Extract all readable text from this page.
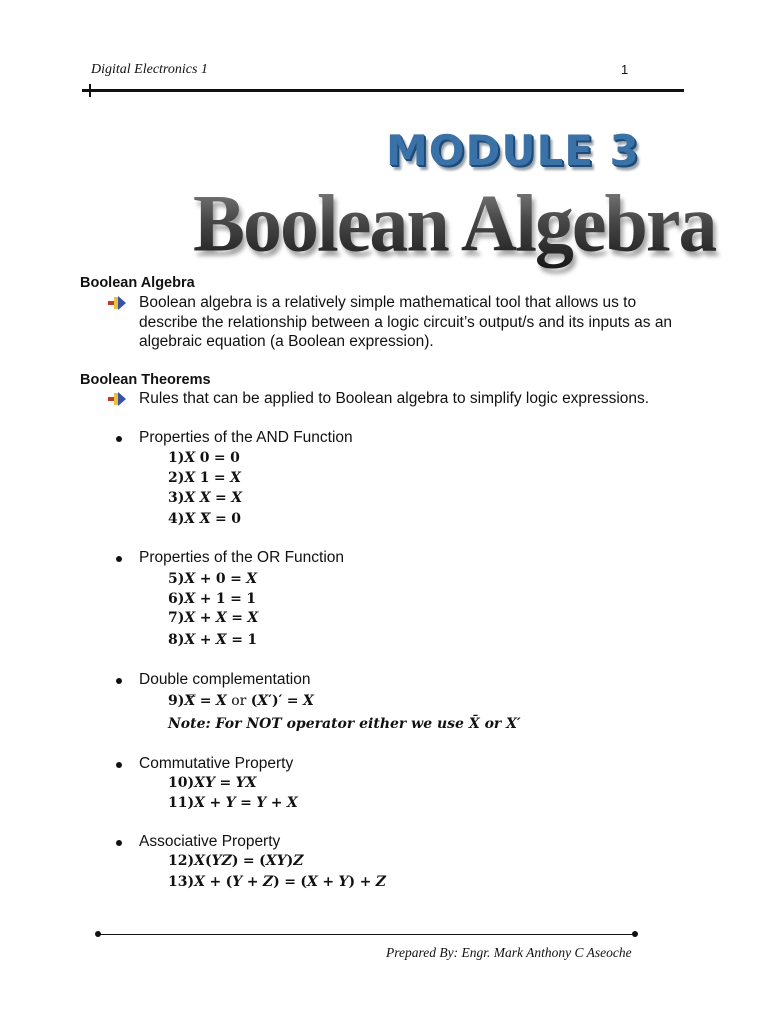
Digital Electronics 1	1
MODULE 3
Boolean Algebra
Boolean Algebra
Boolean algebra is a relatively simple mathematical tool that allows us to describe the relationship between a logic circuit’s output/s and its inputs as an algebraic equation (a Boolean expression).
Boolean Theorems
Rules that can be applied to Boolean algebra to simplify logic expressions.
Properties of the AND Function
1)X 0 = 0
2)X 1 = X
3)X X = X
4)X X̄ = 0
Properties of the OR Function
5)X + 0 = X
6)X + 1 = 1
7)X + X = X
8)X + X̄ = 1
Double complementation
9)X̿ = X or (X′)′ = X
Note: For NOT operator either we use X̄ or X′
Commutative Property
10)XY = YX
11)X + Y = Y + X
Associative Property
12)X(YZ) = (XY)Z
13)X + (Y + Z) = (X + Y) + Z
Prepared By: Engr. Mark Anthony C Aseoche
